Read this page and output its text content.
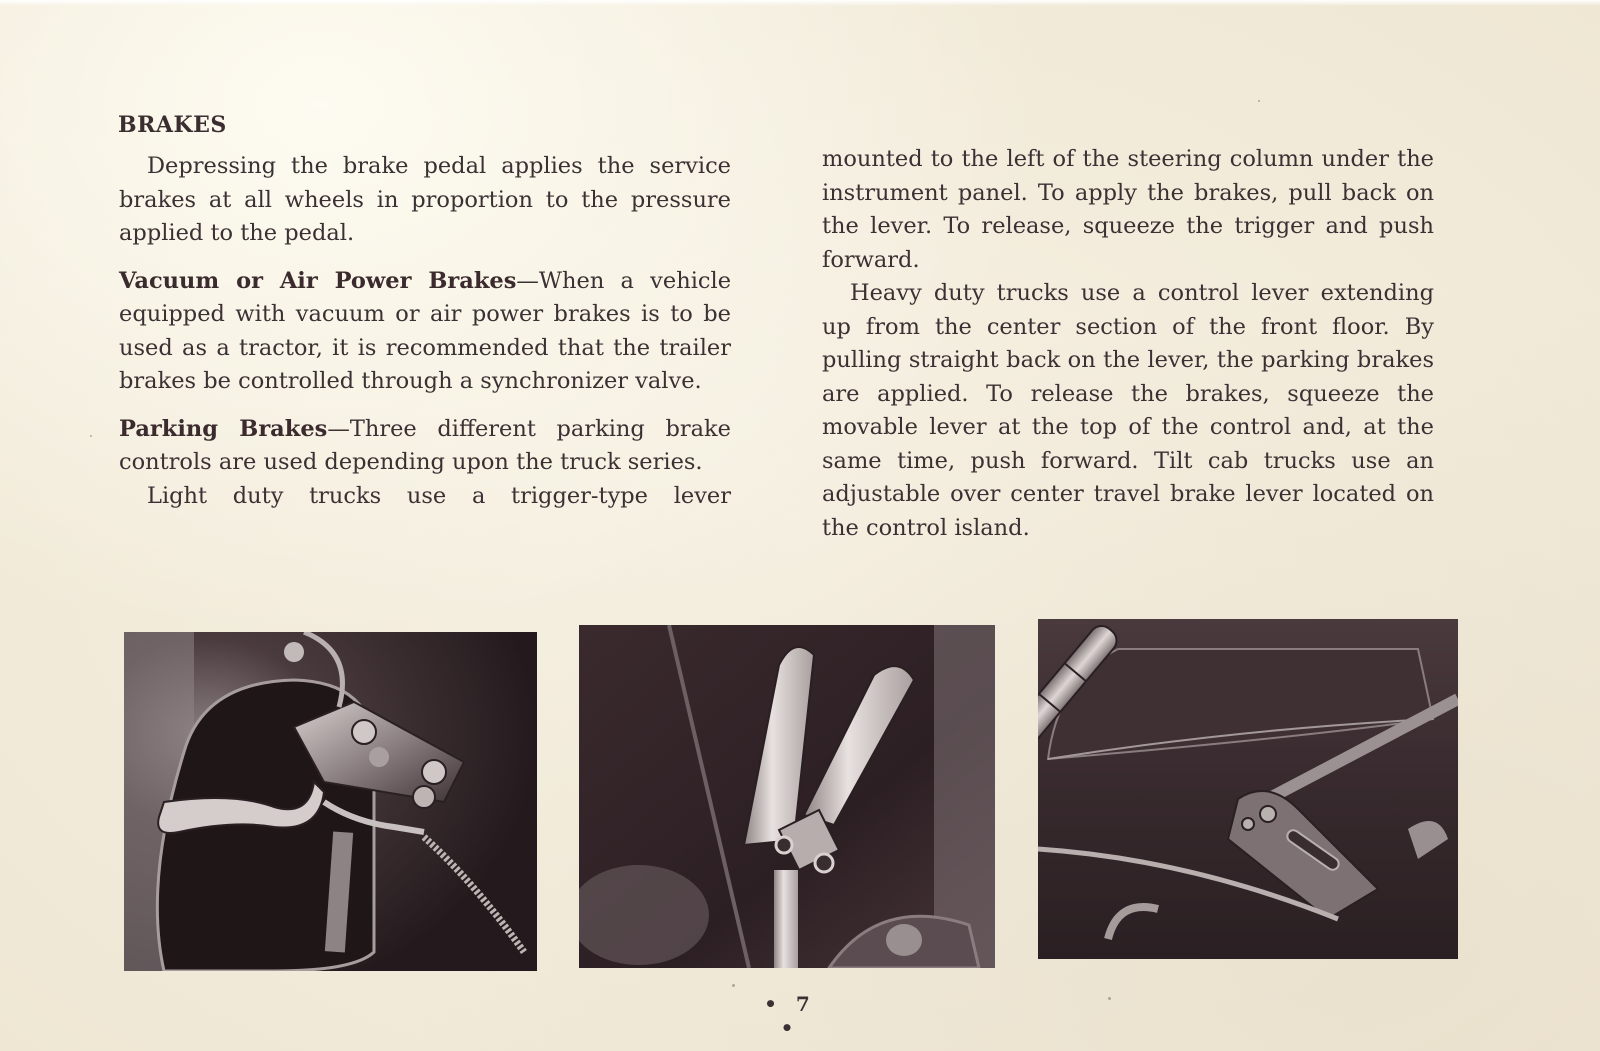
BRAKES

Depressing the brake pedal applies the service brakes at all wheels in proportion to the pressure applied to the pedal.

Vacuum or Air Power Brakes—When a vehicle equipped with vacuum or air power brakes is to be used as a tractor, it is recommended that the trailer brakes be controlled through a synchronizer valve.

Parking Brakes—Three different parking brake controls are used depending upon the truck series.

Light duty trucks use a trigger-type lever

mounted to the left of the steering column under the instrument panel. To apply the brakes, pull back on the lever. To release, squeeze the trigger and push forward.

Heavy duty trucks use a control lever extending up from the center section of the front floor. By pulling straight back on the lever, the parking brakes are applied. To release the brakes, squeeze the movable lever at the top of the control and, at the same time, push forward. Tilt cab trucks use an adjustable over center travel brake lever located on the control island.

• 7 •
